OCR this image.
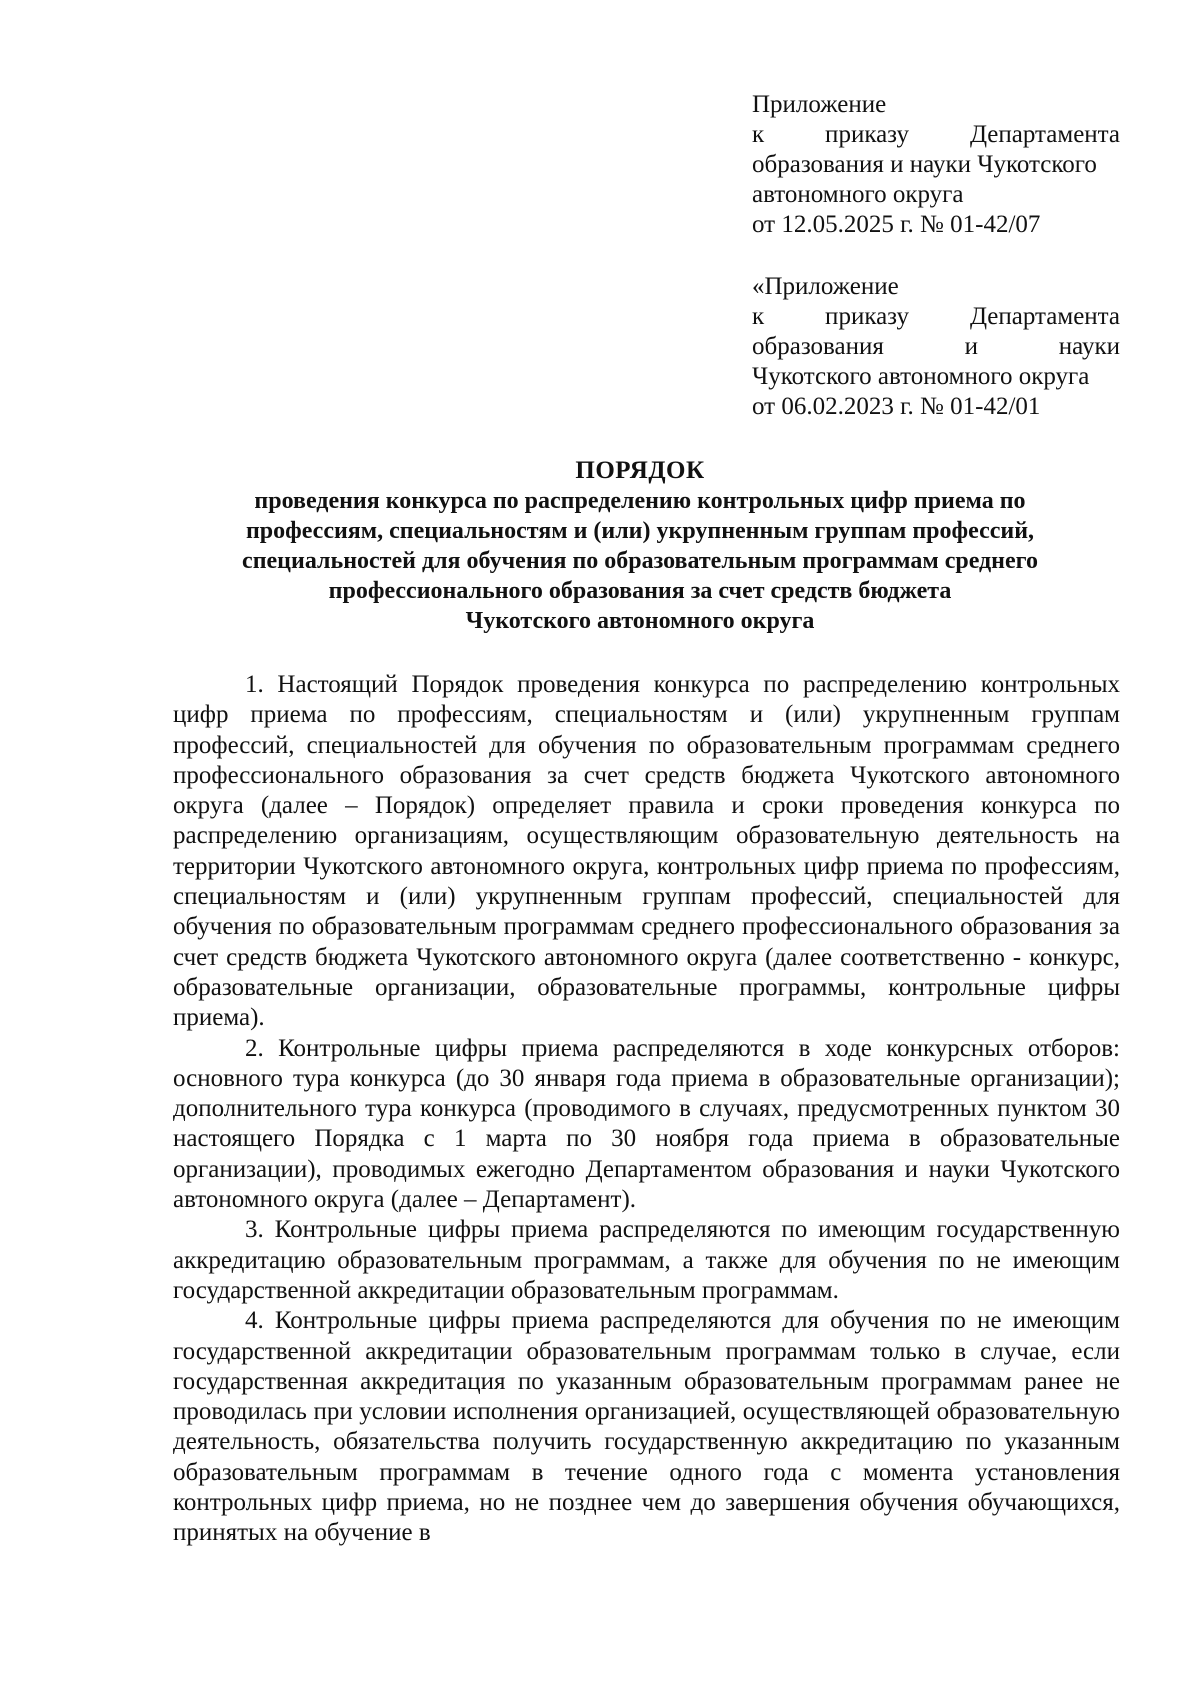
Приложение
к приказу Департамента
образования и науки Чукотского
автономного округа
от 12.05.2025 г. № 01-42/07
«Приложение
к приказу Департамента
образования и науки
Чукотского автономного округа
от 06.02.2023 г. № 01-42/01
ПОРЯДОК
проведения конкурса по распределению контрольных цифр приема по
профессиям, специальностям и (или) укрупненным группам профессий,
специальностей для обучения по образовательным программам среднего
профессионального образования за счет средств бюджета
Чукотского автономного округа

1. Настоящий Порядок проведения конкурса по распределению контрольных цифр приема по профессиям, специальностям и (или) укрупненным группам профессий, специальностей для обучения по образовательным программам среднего профессионального образования за счет средств бюджета Чукотского автономного округа (далее – Порядок) определяет правила и сроки проведения конкурса по распределению организациям, осуществляющим образовательную деятельность на территории Чукотского автономного округа, контрольных цифр приема по профессиям, специальностям и (или) укрупненным группам профессий, специальностей для обучения по образовательным программам среднего профессионального образования за счет средств бюджета Чукотского автономного округа (далее соответственно - конкурс, образовательные организации, образовательные программы, контрольные цифры приема).

2. Контрольные цифры приема распределяются в ходе конкурсных отборов: основного тура конкурса (до 30 января года приема в образовательные организации); дополнительного тура конкурса (проводимого в случаях, предусмотренных пунктом 30 настоящего Порядка с 1 марта по 30 ноября года приема в образовательные организации), проводимых ежегодно Департаментом образования и науки Чукотского автономного округа (далее – Департамент).

3. Контрольные цифры приема распределяются по имеющим государственную аккредитацию образовательным программам, а также для обучения по не имеющим государственной аккредитации образовательным программам.

4. Контрольные цифры приема распределяются для обучения по не имеющим государственной аккредитации образовательным программам только в случае, если государственная аккредитация по указанным образовательным программам ранее не проводилась при условии исполнения организацией, осуществляющей образовательную деятельность, обязательства получить государственную аккредитацию по указанным образовательным программам в течение одного года с момента установления контрольных цифр приема, но не позднее чем до завершения обучения обучающихся, принятых на обучение в
